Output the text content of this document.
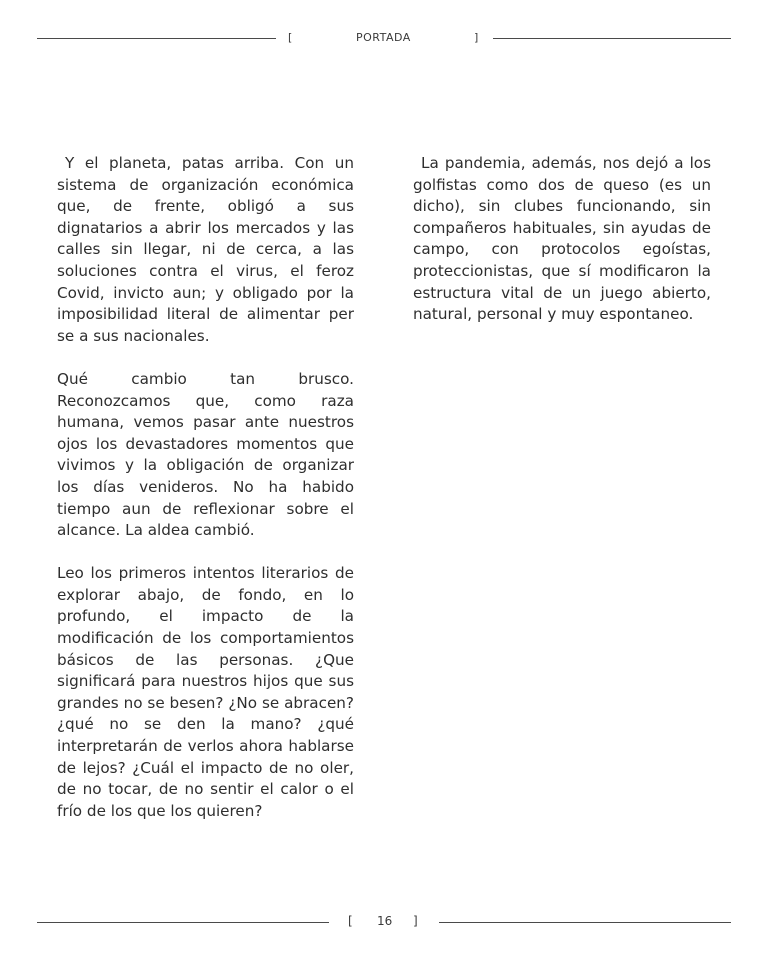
[	PORTADA	]

Y el planeta, patas arriba. Con un sistema de organización económica que, de frente, obligó a sus dignatarios a abrir los mercados y las calles sin llegar, ni de cerca, a las soluciones contra el virus, el feroz Covid, invicto aun; y obligado por la imposibilidad literal de alimentar per se a sus nacionales.

Qué cambio tan brusco. Reconozcamos que, como raza humana, vemos pasar ante nuestros ojos los devastadores momentos que vivimos y la obligación de organizar los días venideros. No ha habido tiempo aun de reflexionar sobre el alcance. La aldea cambió.

Leo los primeros intentos literarios de explorar abajo, de fondo, en lo profundo, el impacto de la modificación de los comportamientos básicos de las personas. ¿Que significará para nuestros hijos que sus grandes no se besen? ¿No se abracen? ¿qué no se den la mano? ¿qué interpretarán de verlos ahora hablarse de lejos? ¿Cuál el impacto de no oler, de no tocar, de no sentir el calor o el frío de los que los quieren?

La pandemia, además, nos dejó a los golfistas como dos de queso (es un dicho), sin clubes funcionando, sin compañeros habituales, sin ayudas de campo, con protocolos egoístas, proteccionistas, que sí modificaron la estructura vital de un juego abierto, natural, personal y muy espontaneo.

[ 16 ]
